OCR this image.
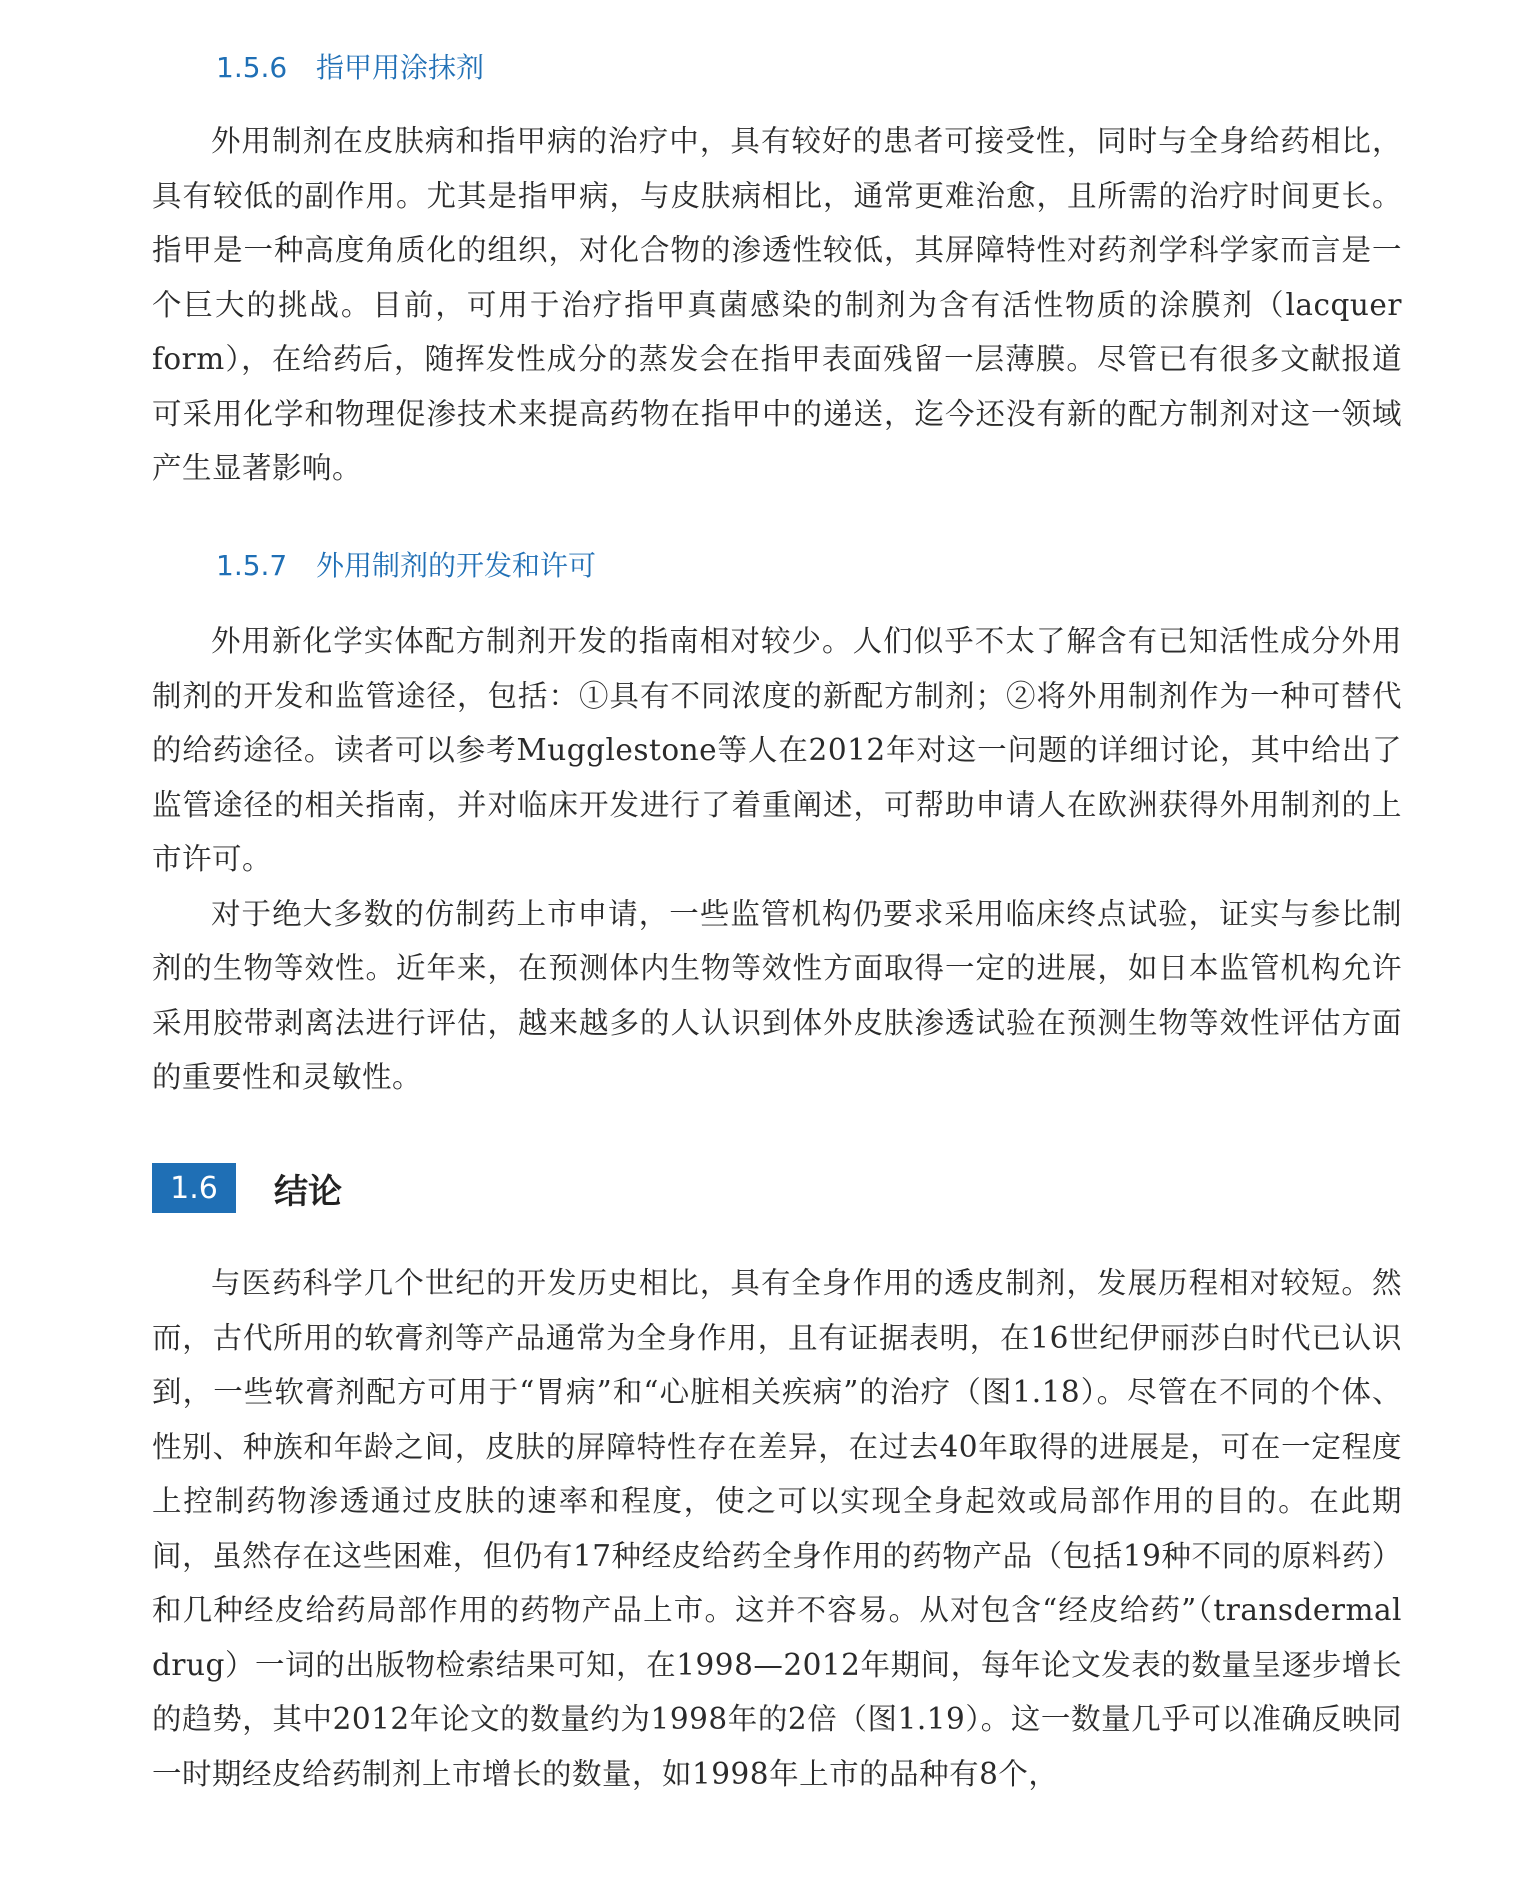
1.5.6 指甲用涂抹剂

外用制剂在皮肤病和指甲病的治疗中，具有较好的患者可接受性，同时与全身给药相比，具有较低的副作用。尤其是指甲病，与皮肤病相比，通常更难治愈，且所需的治疗时间更长。指甲是一种高度角质化的组织，对化合物的渗透性较低，其屏障特性对药剂学科学家而言是一个巨大的挑战。目前，可用于治疗指甲真菌感染的制剂为含有活性物质的涂膜剂（lacquer form），在给药后，随挥发性成分的蒸发会在指甲表面残留一层薄膜。尽管已有很多文献报道可采用化学和物理促渗技术来提高药物在指甲中的递送，迄今还没有新的配方制剂对这一领域产生显著影响。

1.5.7 外用制剂的开发和许可

外用新化学实体配方制剂开发的指南相对较少。人们似乎不太了解含有已知活性成分外用制剂的开发和监管途径，包括：①具有不同浓度的新配方制剂；②将外用制剂作为一种可替代的给药途径。读者可以参考Mugglestone等人在2012年对这一问题的详细讨论，其中给出了监管途径的相关指南，并对临床开发进行了着重阐述，可帮助申请人在欧洲获得外用制剂的上市许可。

对于绝大多数的仿制药上市申请，一些监管机构仍要求采用临床终点试验，证实与参比制剂的生物等效性。近年来，在预测体内生物等效性方面取得一定的进展，如日本监管机构允许采用胶带剥离法进行评估，越来越多的人认识到体外皮肤渗透试验在预测生物等效性评估方面的重要性和灵敏性。

1.6	结论

与医药科学几个世纪的开发历史相比，具有全身作用的透皮制剂，发展历程相对较短。然而，古代所用的软膏剂等产品通常为全身作用，且有证据表明，在16世纪伊丽莎白时代已认识到，一些软膏剂配方可用于“胃病”和“心脏相关疾病”的治疗（图1.18）。尽管在不同的个体、性别、种族和年龄之间，皮肤的屏障特性存在差异，在过去40年取得的进展是，可在一定程度上控制药物渗透通过皮肤的速率和程度，使之可以实现全身起效或局部作用的目的。在此期间，虽然存在这些困难，但仍有17种经皮给药全身作用的药物产品（包括19种不同的原料药）和几种经皮给药局部作用的药物产品上市。这并不容易。从对包含“经皮给药”（transdermal drug）一词的出版物检索结果可知，在1998—2012年期间，每年论文发表的数量呈逐步增长的趋势，其中2012年论文的数量约为1998年的2倍（图1.19）。这一数量几乎可以准确反映同一时期经皮给药制剂上市增长的数量，如1998年上市的品种有8个，
